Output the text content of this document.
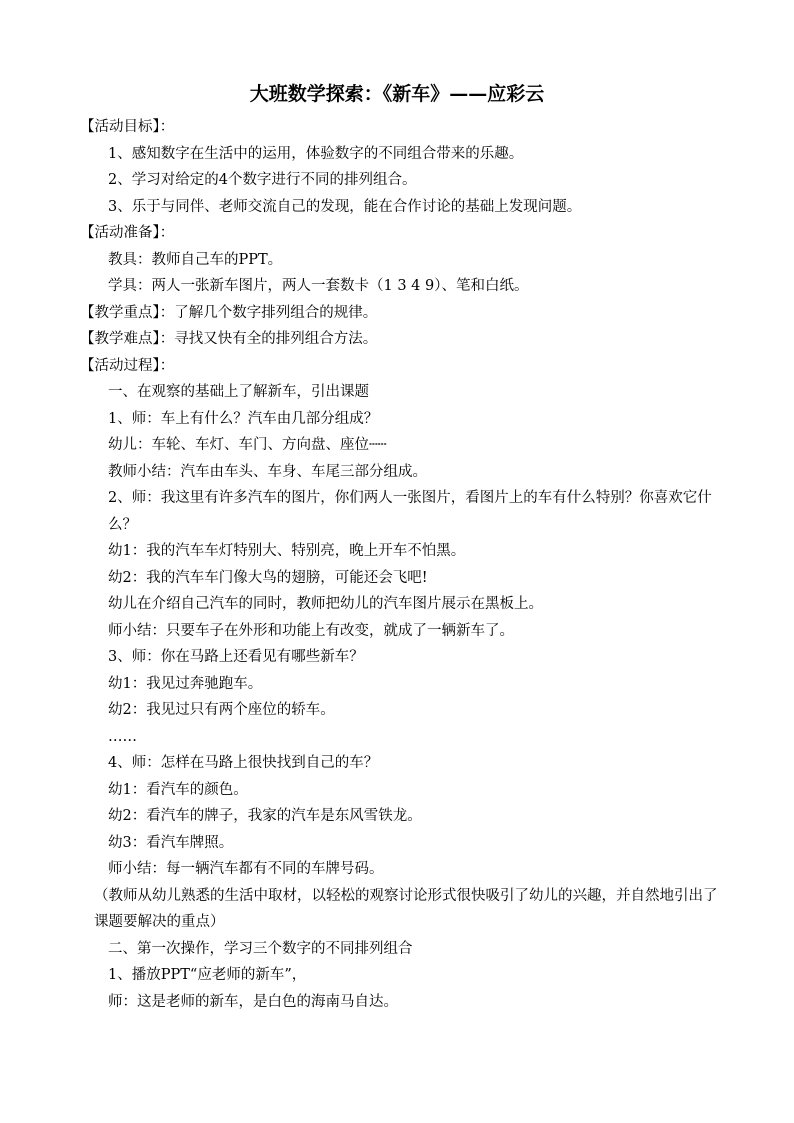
大班数学探索：《新车》——应彩云
【活动目标】：
1、感知数字在生活中的运用，体验数字的不同组合带来的乐趣。
2、学习对给定的4个数字进行不同的排列组合。
3、乐于与同伴、老师交流自己的发现，能在合作讨论的基础上发现问题。
【活动准备】：
教具：教师自己车的PPT。
学具：两人一张新车图片，两人一套数卡（1 3 4 9）、笔和白纸。
【教学重点】：了解几个数字排列组合的规律。
【教学难点】：寻找又快有全的排列组合方法。
【活动过程】：
一、在观察的基础上了解新车，引出课题
1、师：车上有什么？汽车由几部分组成？
幼儿：车轮、车灯、车门、方向盘、座位┄┄
教师小结：汽车由车头、车身、车尾三部分组成。
2、师：我这里有许多汽车的图片，你们两人一张图片，看图片上的车有什么特别？你喜欢它什么？
幼1：我的汽车车灯特别大、特别亮，晚上开车不怕黑。
幼2：我的汽车车门像大鸟的翅膀，可能还会飞吧!
幼儿在介绍自己汽车的同时，教师把幼儿的汽车图片展示在黑板上。
师小结：只要车子在外形和功能上有改变，就成了一辆新车了。
3、师：你在马路上还看见有哪些新车？
幼1：我见过奔驰跑车。
幼2：我见过只有两个座位的轿车。
……
4、师：怎样在马路上很快找到自己的车？
幼1：看汽车的颜色。
幼2：看汽车的牌子，我家的汽车是东风雪铁龙。
幼3：看汽车牌照。
师小结：每一辆汽车都有不同的车牌号码。
（教师从幼儿熟悉的生活中取材，以轻松的观察讨论形式很快吸引了幼儿的兴趣，并自然地引出了课题要解决的重点）
二、第一次操作，学习三个数字的不同排列组合
1、播放PPT“应老师的新车”，
师：这是老师的新车，是白色的海南马自达。
